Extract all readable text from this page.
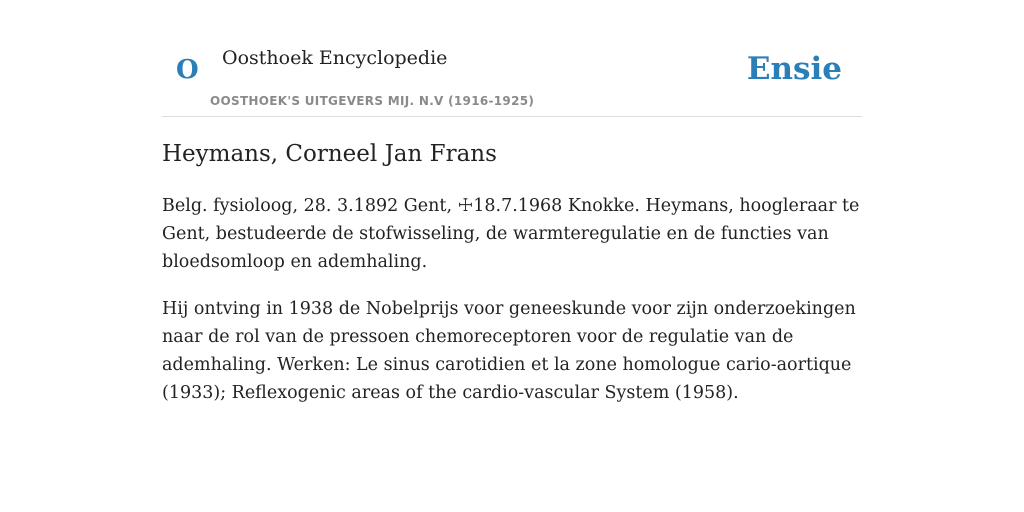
O Oosthoek Encyclopedie
OOSTHOEK'S UITGEVERS MIJ. N.V (1916-1925)
Ensie
Heymans, Corneel Jan Frans

Belg. fysioloog, 28. 3.1892 Gent, ☩18.7.1968 Knokke. Heymans, hoogleraar te Gent, bestudeerde de stofwisseling, de warmteregulatie en de functies van bloedsomloop en ademhaling.

Hij ontving in 1938 de Nobelprijs voor geneeskunde voor zijn onderzoekingen naar de rol van de pressoen chemoreceptoren voor de regulatie van de ademhaling. Werken: Le sinus carotidien et la zone homologue cario-aortique (1933); Reflexogenic areas of the cardio-vascular System (1958).
